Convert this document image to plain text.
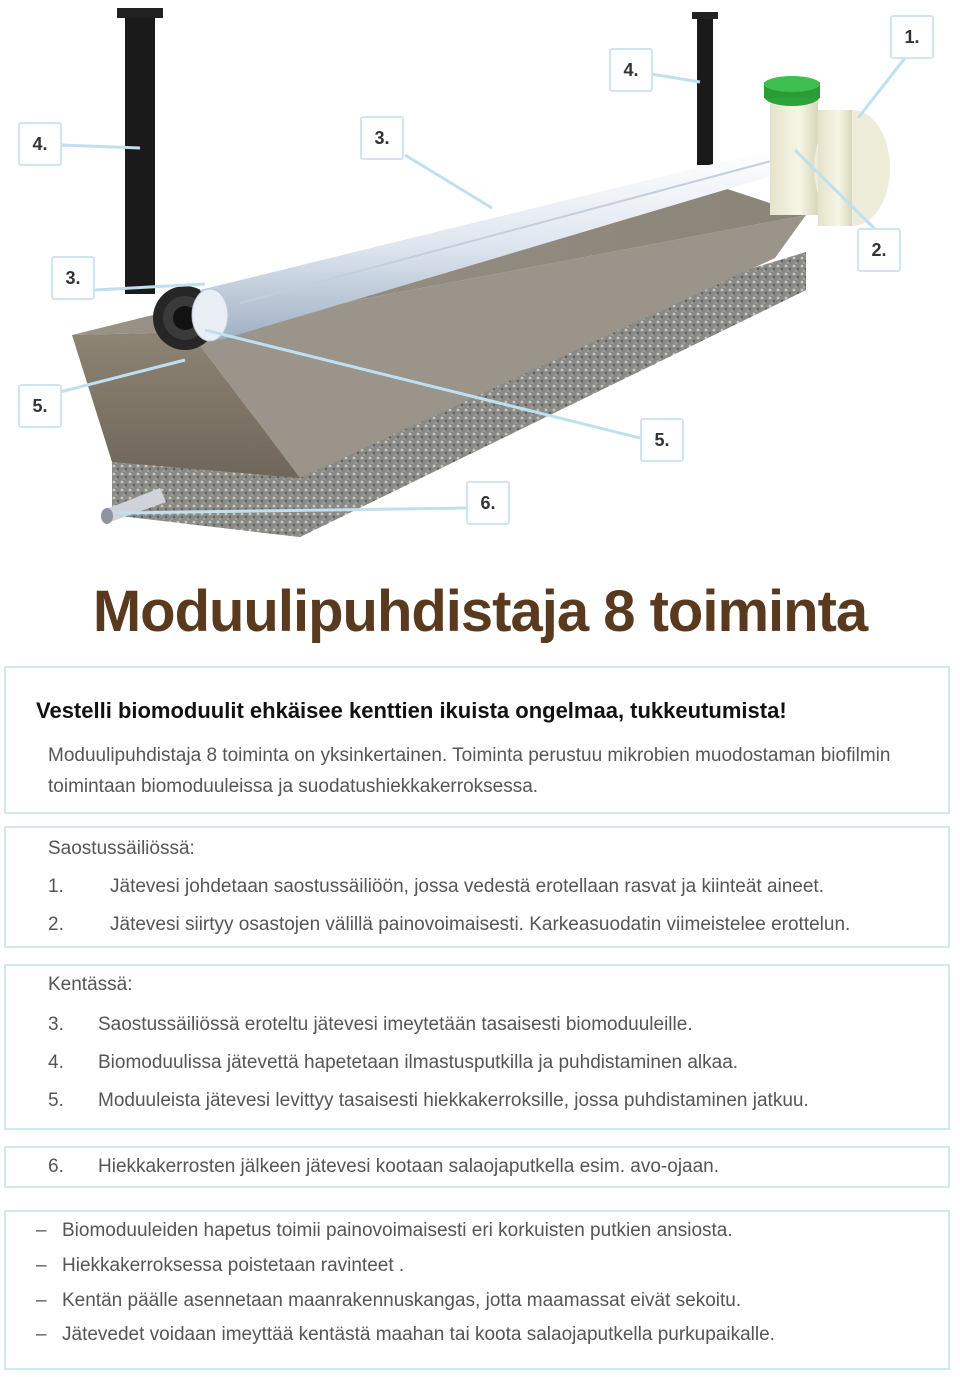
1.
4.
4.	3.
2.
3.
5.
5.
6.
Moduulipuhdistaja 8 toiminta

Vestelli biomoduulit ehkäisee kenttien ikuista ongelmaa, tukkeutumista!

Moduulipuhdistaja 8 toiminta on yksinkertainen. Toiminta perustuu mikrobien muodostaman biofilmin toimintaan biomoduuleissa ja suodatushiekkakerroksessa.

Saostussäiliössä:

1. Jätevesi johdetaan saostussäiliöön, jossa vedestä erotellaan rasvat ja kiinteät aineet.
2. Jätevesi siirtyy osastojen välillä painovoimaisesti. Karkeasuodatin viimeistelee erottelun.

Kentässä:

3. Saostussäiliössä eroteltu jätevesi imeytetään tasaisesti biomoduuleille.
4. Biomoduulissa jätevettä hapetetaan ilmastusputkilla ja puhdistaminen alkaa.
5. Moduuleista jätevesi levittyy tasaisesti hiekkakerroksille, jossa puhdistaminen jatkuu.
6. Hiekkakerrosten jälkeen jätevesi kootaan salaojaputkella esim. avo-ojaan.
– Biomoduuleiden hapetus toimii painovoimaisesti eri korkuisten putkien ansiosta.
– Hiekkakerroksessa poistetaan ravinteet .
– Kentän päälle asennetaan maanrakennuskangas, jotta maamassat eivät sekoitu.
– Jätevedet voidaan imeyttää kentästä maahan tai koota salaojaputkella purkupaikalle.
